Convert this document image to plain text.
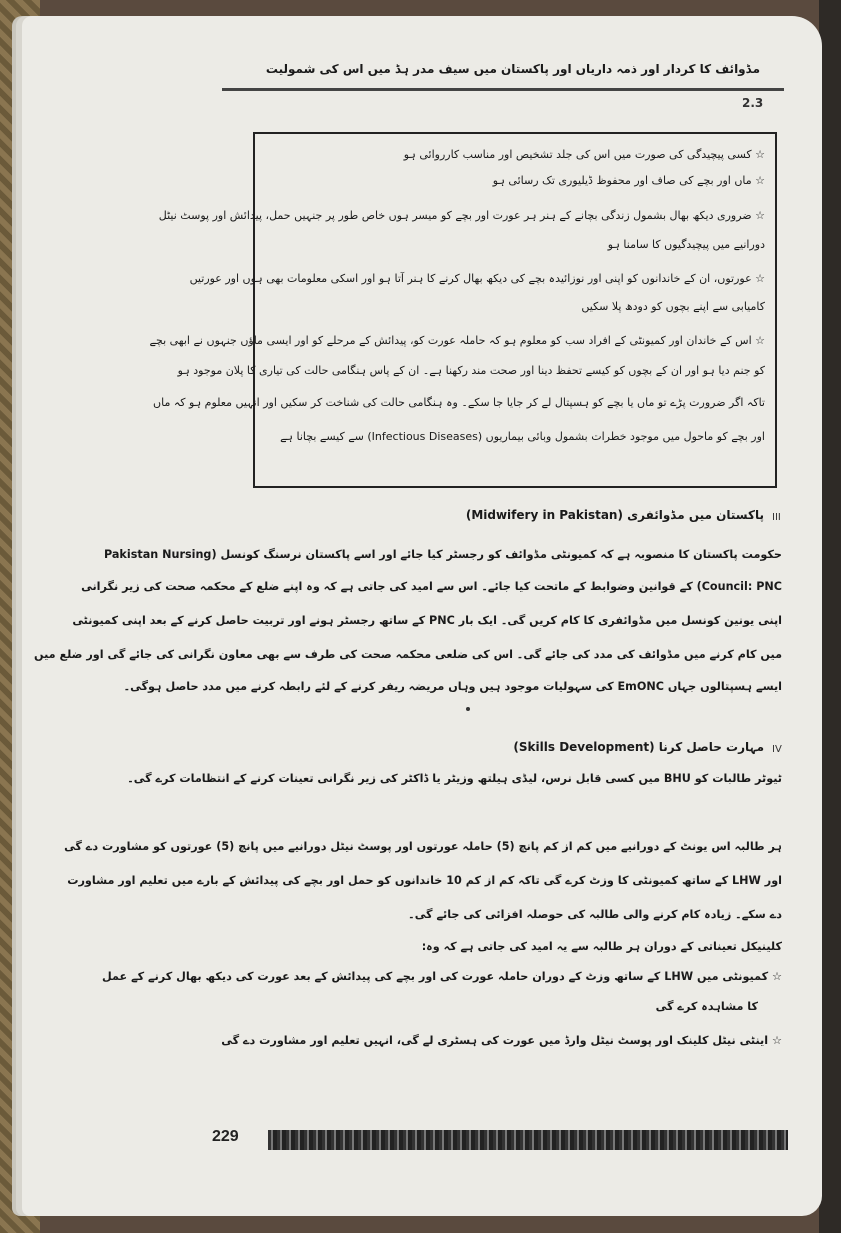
مڈوائف کا کردار اور ذمہ داریاں اور پاکستان میں سیف مدر ہڈ میں اس کی شمولیت
2.3
☆ کسی پیچیدگی کی صورت میں اس کی جلد تشخیص اور مناسب کارروائی ہو
☆ ماں اور بچے کی صاف اور محفوظ ڈیلیوری تک رسائی ہو
☆ ضروری دیکھ بھال بشمول زندگی بچانے کے ہنر ہر عورت اور بچے کو میسر ہوں خاص طور پر جنہیں حمل، پیدائش اور پوسٹ نیٹل
دورانیے میں پیچیدگیوں کا سامنا ہو
☆ عورتوں، ان کے خاندانوں کو اپنی اور نوزائیدہ بچے کی دیکھ بھال کرنے کا ہنر آتا ہو اور اسکی معلومات بھی ہوں اور عورتیں
کامیابی سے اپنے بچوں کو دودھ پلا سکیں
☆ اس کے خاندان اور کمیونٹی کے افراد سب کو معلوم ہو کہ حاملہ عورت کو، پیدائش کے مرحلے کو اور ایسی ماؤں جنہوں نے ابھی بچے
کو جنم دیا ہو اور ان کے بچوں کو کیسے تحفظ دینا اور صحت مند رکھنا ہے۔ ان کے پاس ہنگامی حالت کی تیاری کا پلان موجود ہو
تاکہ اگر ضرورت پڑے تو ماں یا بچے کو ہسپتال لے کر جایا جا سکے۔ وہ ہنگامی حالت کی شناخت کر سکیں اور انہیں معلوم ہو کہ ماں
اور بچے کو ماحول میں موجود خطرات بشمول وبائی بیماریوں (Infectious Diseases) سے کیسے بچانا ہے
III
پاکستان میں مڈوائفری (Midwifery in Pakistan)
حکومت پاکستان کا منصوبہ ہے کہ کمیونٹی مڈوائف کو رجسٹر کیا جائے اور اسے پاکستان نرسنگ کونسل (Pakistan Nursing
Council: PNC) کے قوانین وضوابط کے ماتحت کیا جائے۔ اس سے امید کی جاتی ہے کہ وہ اپنے ضلع کے محکمہ صحت کی زیر نگرانی
اپنی یونین کونسل میں مڈوائفری کا کام کریں گی۔ ایک بار PNC کے ساتھ رجسٹر ہونے اور تربیت حاصل کرنے کے بعد اپنی کمیونٹی
میں کام کرنے میں مڈوائف کی مدد کی جائے گی۔ اس کی ضلعی محکمہ صحت کی طرف سے بھی معاون نگرانی کی جائے گی اور ضلع میں
ایسے ہسپتالوں جہاں EmONC کی سہولیات موجود ہیں وہاں مریضہ ریفر کرنے کے لئے رابطہ کرنے میں مدد حاصل ہوگی۔
IV
مہارت حاصل کرنا (Skills Development)
ٹیوٹر طالبات کو BHU میں کسی قابل نرس، لیڈی ہیلتھ وزیٹر یا ڈاکٹر کی زیر نگرانی تعینات کرنے کے انتظامات کرے گی۔
ہر طالبہ اس یونٹ کے دورانیے میں کم از کم پانچ (5) حاملہ عورتوں اور پوسٹ نیٹل دورانیے میں پانچ (5) عورتوں کو مشاورت دے گی
اور LHW کے ساتھ کمیونٹی کا وزٹ کرے گی تاکہ کم از کم 10 خاندانوں کو حمل اور بچے کی پیدائش کے بارے میں تعلیم اور مشاورت
دے سکے۔ زیادہ کام کرنے والی طالبہ کی حوصلہ افزائی کی جائے گی۔
کلینیکل تعیناتی کے دوران ہر طالبہ سے یہ امید کی جاتی ہے کہ وہ:
☆ کمیونٹی میں LHW کے ساتھ وزٹ کے دوران حاملہ عورت کی اور بچے کی پیدائش کے بعد عورت کی دیکھ بھال کرنے کے عمل
کا مشاہدہ کرے گی
☆ اینٹی نیٹل کلینک اور پوسٹ نیٹل وارڈ میں عورت کی ہسٹری لے گی، انہیں تعلیم اور مشاورت دے گی
229
